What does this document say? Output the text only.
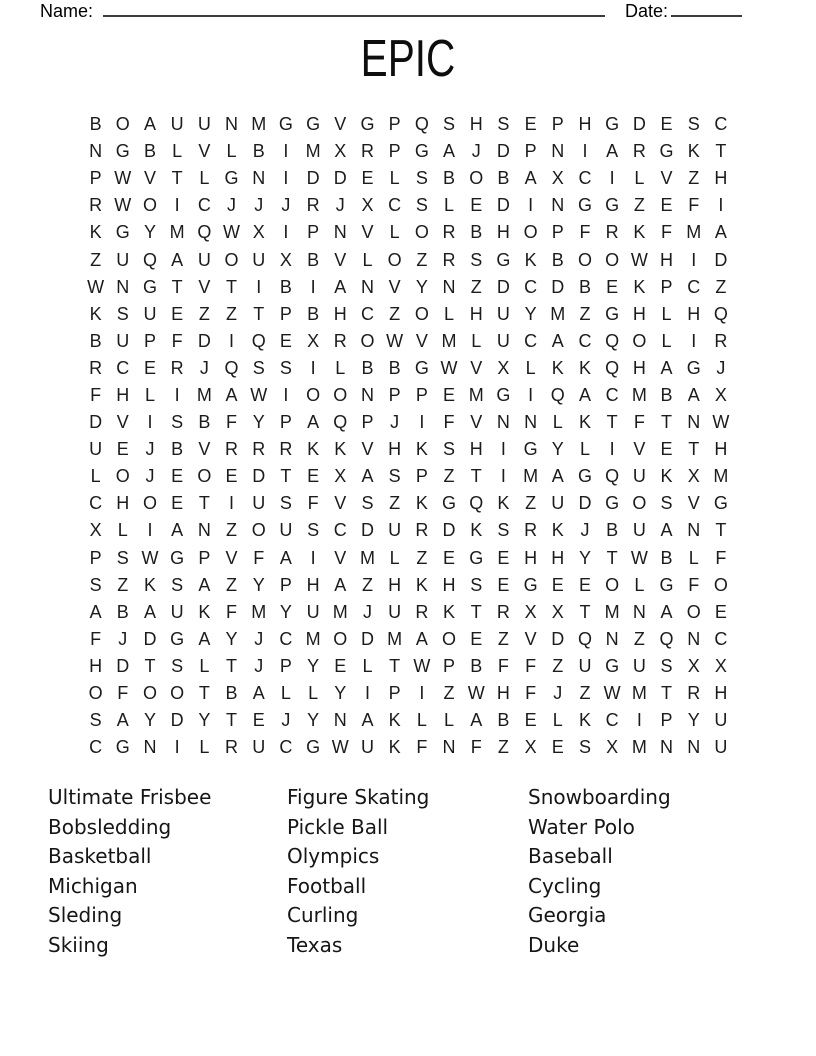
Name:	Date:
EPIC
B O A U U N M G G V G P Q S H S E P H G D E S C
N G B L V L B	I M X R P G A J D P N	I	A R G K T
P W V T L G N	I	D D E L S B O B A X C	I	L V Z H
R W O I	C J	J	J R J X C S L E D	I	N G G Z E F	I
K G Y M Q W X	I	P N V L O R B H O P F R K F M A
Z U Q A U O U X B V L O Z R S G K B O O W H	I	D
W N G T V T	I	B	I	A N V Y N Z D C D B E K P C Z
K S U E Z Z T P B H C Z O L H U Y M Z G H L H Q
B U P F D	I Q E X R O W V M L U C A C Q O L	I	R
R C E R J Q S S	I	L B B G W V X L K K Q H A G J
F H L	I M A W I O O N P P E M G I Q A C M B A X
D V	I	S B F Y P A Q P J	I	F V N N L K T F T N W
U E J B V R R R K K V H K S H	I G Y L	I	V E T H
L O J E O E D T E X A S P Z T	I M A G Q U K X M
C H O E T	I	U S F V S Z K G Q K Z U D G O S V G
X L	I	A N Z O U S C D U R D K S R K J B U A N T
P S W G P V F A	I	V M L Z E G E H H Y T W B L F
S Z K S A Z Y P H A Z H K H S E G E E O L G F O
A B A U K F M Y U M J U R K T R X X T M N A O E
F J D G A Y J C M O D M A O E Z V D Q N Z Q N C
H D T S L T J P Y E L T W P B F F Z U G U S X X
O F O O T B A L L Y	I	P	I	Z W H F J Z W M T R H
S A Y D Y T E J Y N A K L L A B E L K C	I	P Y U
C G N	I	L R U C G W U K F N F Z X E S X M N N U
Ultimate Frisbee
Bobsledding
Basketball
Michigan
Sleding
Skiing
Figure Skating
Pickle Ball
Olympics
Football
Curling
Texas
Snowboarding
Water Polo
Baseball
Cycling
Georgia
Duke
